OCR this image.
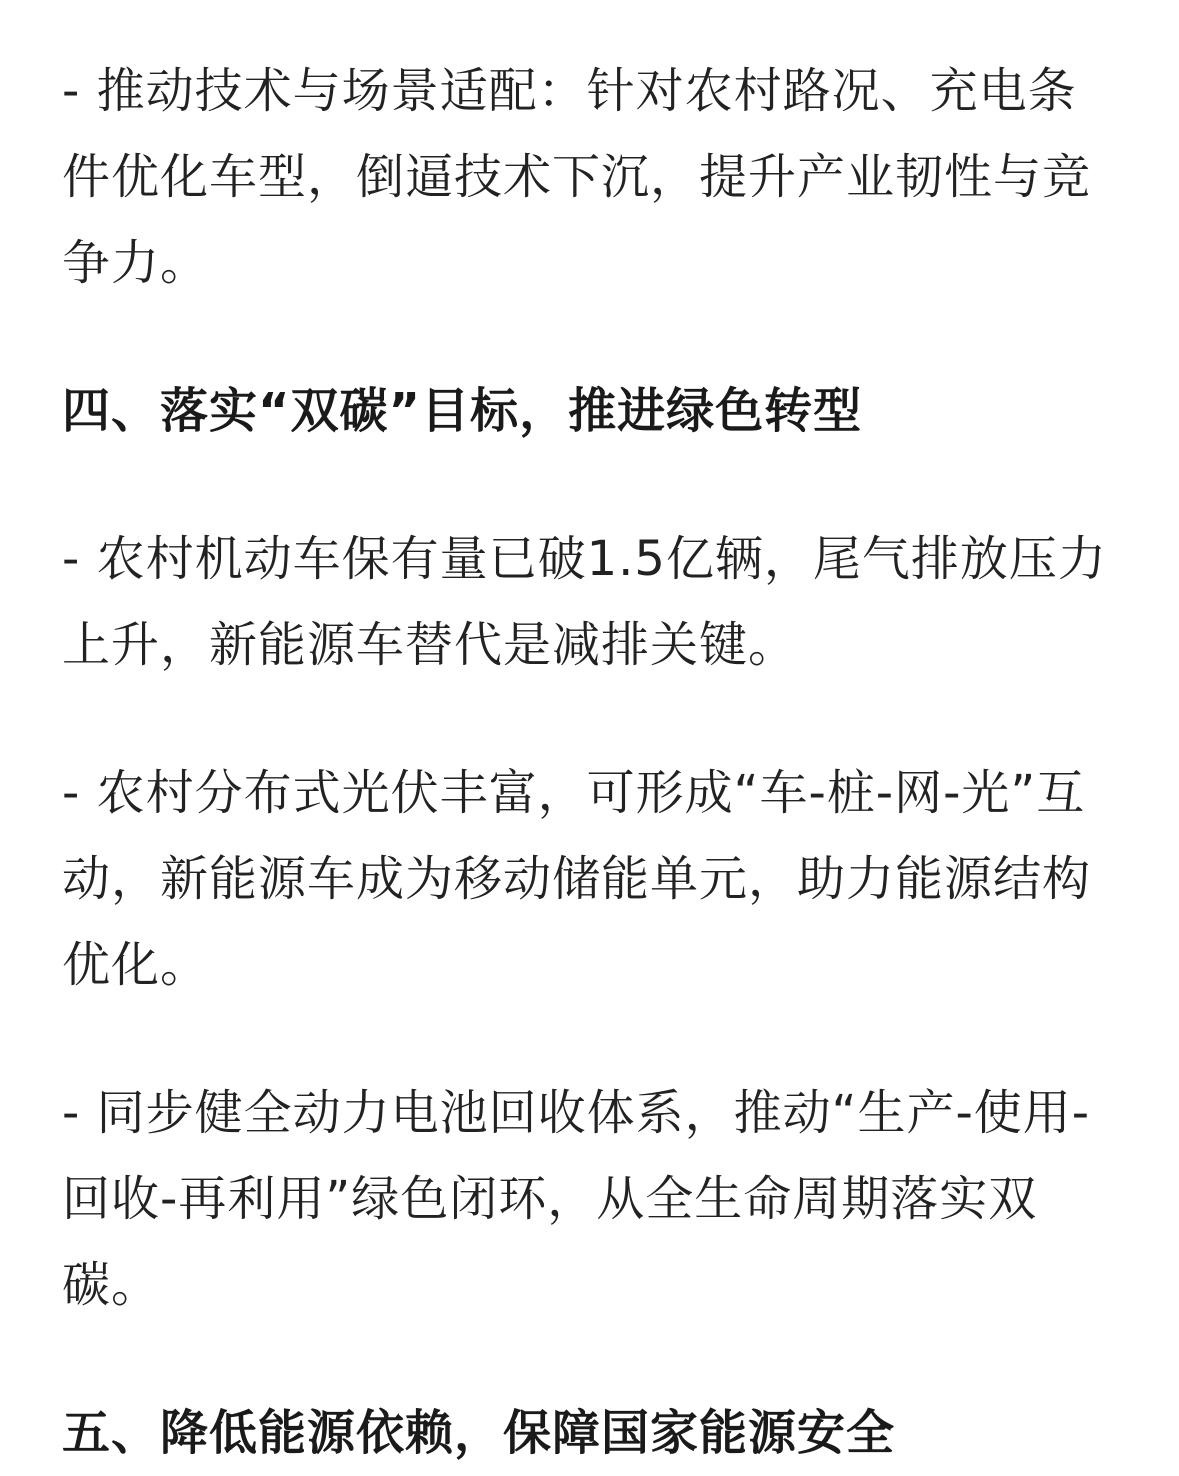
- 推动技术与场景适配：针对农村路况、充电条件优化车型，倒逼技术下沉，提升产业韧性与竞争力。

四、落实“双碳”目标，推进绿色转型

- 农村机动车保有量已破1.5亿辆，尾气排放压力上升，新能源车替代是减排关键。

- 农村分布式光伏丰富，可形成“车-桩-网-光”互动，新能源车成为移动储能单元，助力能源结构优化。

- 同步健全动力电池回收体系，推动“生产-使用-回收-再利用”绿色闭环，从全生命周期落实双碳。

五、降低能源依赖，保障国家能源安全
